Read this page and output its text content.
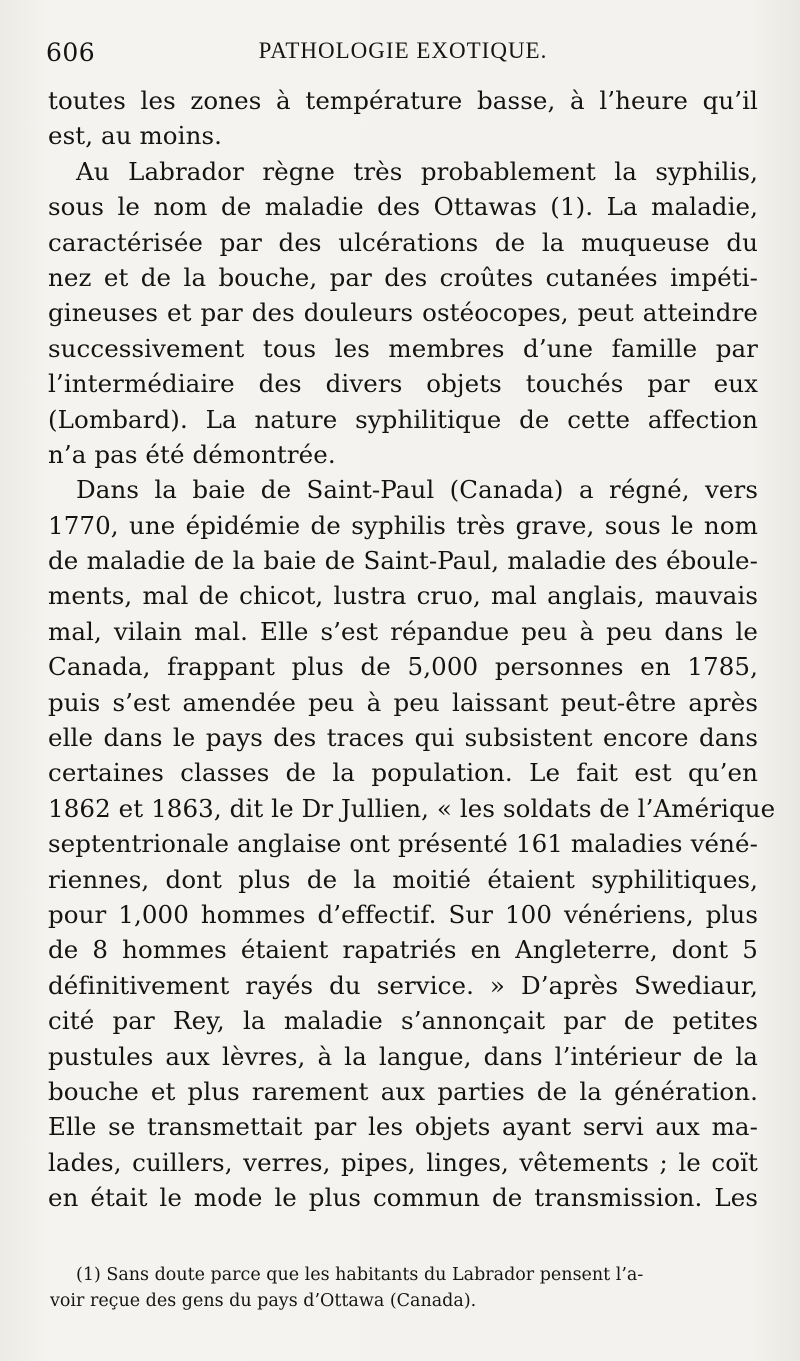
606	PATHOLOGIE EXOTIQUE.
toutes les zones à température basse, à l’heure qu’il
est, au moins.
Au Labrador règne très probablement la syphilis,
sous le nom de maladie des Ottawas (1). La maladie,
caractérisée par des ulcérations de la muqueuse du
nez et de la bouche, par des croûtes cutanées impéti-
gineuses et par des douleurs ostéocopes, peut atteindre
successivement tous les membres d’une famille par
l’intermédiaire des divers objets touchés par eux
(Lombard). La nature syphilitique de cette affection
n’a pas été démontrée.
Dans la baie de Saint-Paul (Canada) a régné, vers
1770, une épidémie de syphilis très grave, sous le nom
de maladie de la baie de Saint-Paul, maladie des éboule-
ments, mal de chicot, lustra cruo, mal anglais, mauvais
mal, vilain mal. Elle s’est répandue peu à peu dans le
Canada, frappant plus de 5,000 personnes en 1785,
puis s’est amendée peu à peu laissant peut-être après
elle dans le pays des traces qui subsistent encore dans
certaines classes de la population. Le fait est qu’en
1862 et 1863, dit le Dr Jullien, « les soldats de l’Amérique
septentrionale anglaise ont présenté 161 maladies véné-
riennes, dont plus de la moitié étaient syphilitiques,
pour 1,000 hommes d’effectif. Sur 100 vénériens, plus
de 8 hommes étaient rapatriés en Angleterre, dont 5
définitivement rayés du service. » D’après Swediaur,
cité par Rey, la maladie s’annonçait par de petites
pustules aux lèvres, à la langue, dans l’intérieur de la
bouche et plus rarement aux parties de la génération.
Elle se transmettait par les objets ayant servi aux ma-
lades, cuillers, verres, pipes, linges, vêtements ; le coït
en était le mode le plus commun de transmission. Les
(1) Sans doute parce que les habitants du Labrador pensent l’a-
voir reçue des gens du pays d’Ottawa (Canada).
